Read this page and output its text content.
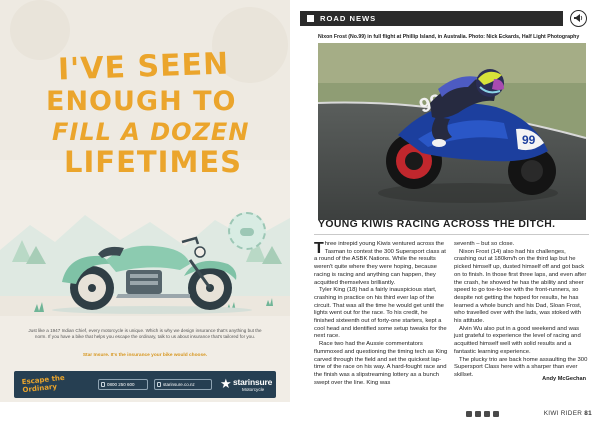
I'VE SEEN
ENOUGH TO
FILL A DOZEN
LIFETIMES

Just like a 1947 Indian Chief, every motorcycle is unique. Which is why we design insurance that's anything but the norm. If you have a bike that helps you escape the ordinary, talk to us about insurance that's tailored for you.

Star Insure. It's the insurance your bike would choose.

Escape the Ordinary	0800 250 600	starinsure.co.nz	★ starinsure
Motorcycle
ROAD NEWS

Nixon Frost (No.99) in full flight at Phillip Island, in Australia. Photo: Nick Eckards, Half Light Photography

99
YOUNG KIWIS RACING ACROSS THE DITCH.

Three intrepid young Kiwis ventured across the Tasman to contest the 300 Supersport class at a round of the ASBK Nations. While the results weren't quite where they were hoping, because racing is racing and anything can happen, they acquitted themselves brilliantly.

Tyler King (18) had a fairly inauspicious start, crashing in practice on his third ever lap of the circuit. That was all the time he would get until the lights went out for the race. To his credit, he finished sixteenth out of forty-one starters, kept a cool head and identified some setup tweaks for the next race.

Race two had the Aussie commentators flummoxed and questioning the timing tech as King carved through the field and set the quickest lap-time of the race on his way. A hard-fought race and the finish was a slipstreaming lottery as a bunch swept over the line. King was

seventh – but so close.

Nixon Frost (14) also had his challenges, crashing out at 180km/h on the third lap but he picked himself up, dusted himself off and got back on to finish. In those first three laps, and even after the crash, he showed he has the ability and sheer speed to go toe-to-toe with the front-runners, so despite not getting the hoped for results, he has learned a whole bunch and his Dad, Sloan Frost, who travelled over with the lads, was stoked with his attitude.

Alvin Wu also put in a good weekend and was just grateful to experience the level of racing and acquitted himself well with solid results and a fantastic learning experience.

The plucky trio are back home assaulting the 300 Supersport Class here with a sharper than ever skillset.

Andy McGechan

KIWI RIDER 81
